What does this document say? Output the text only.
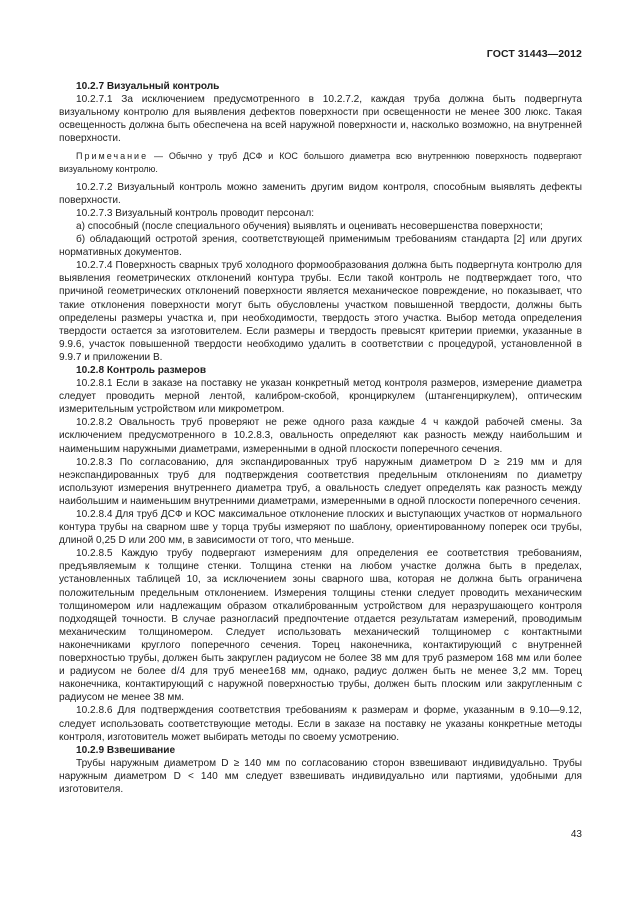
ГОСТ 31443—2012

10.2.7 Визуальный контроль

10.2.7.1 За исключением предусмотренного в 10.2.7.2, каждая труба должна быть подвергнута визуальному контролю для выявления дефектов поверхности при освещенности не менее 300 люкс. Такая освещенность должна быть обеспечена на всей наружной поверхности и, насколько возможно, на внутренней поверхности.

Примечание — Обычно у труб ДСФ и КОС большого диаметра всю внутреннюю поверхность подвергают визуальному контролю.

10.2.7.2 Визуальный контроль можно заменить другим видом контроля, способным выявлять дефекты поверхности.

10.2.7.3 Визуальный контроль проводит персонал:

а) способный (после специального обучения) выявлять и оценивать несовершенства поверхности;

б) обладающий остротой зрения, соответствующей применимым требованиям стандарта [2] или других нормативных документов.

10.2.7.4 Поверхность сварных труб холодного формообразования должна быть подвергнута контролю для выявления геометрических отклонений контура трубы. Если такой контроль не подтверждает того, что причиной геометрических отклонений поверхности является механическое повреждение, но показывает, что такие отклонения поверхности могут быть обусловлены участком повышенной твердости, должны быть определены размеры участка и, при необходимости, твердость этого участка. Выбор метода определения твердости остается за изготовителем. Если размеры и твердость превысят критерии приемки, указанные в 9.9.6, участок повышенной твердости необходимо удалить в соответствии с процедурой, установленной в 9.9.7 и приложении В.

10.2.8 Контроль размеров

10.2.8.1 Если в заказе на поставку не указан конкретный метод контроля размеров, измерение диаметра следует проводить мерной лентой, калибром-скобой, кронциркулем (штангенциркулем), оптическим измерительным устройством или микрометром.

10.2.8.2 Овальность труб проверяют не реже одного раза каждые 4 ч каждой рабочей смены. За исключением предусмотренного в 10.2.8.3, овальность определяют как разность между наибольшим и наименьшим наружными диаметрами, измеренными в одной плоскости поперечного сечения.

10.2.8.3 По согласованию, для экспандированных труб наружным диаметром D ≥ 219 мм и для неэкспандированных труб для подтверждения соответствия предельным отклонениям по диаметру используют измерения внутреннего диаметра труб, а овальность следует определять как разность между наибольшим и наименьшим внутренними диаметрами, измеренными в одной плоскости поперечного сечения.

10.2.8.4 Для труб ДСФ и КОС максимальное отклонение плоских и выступающих участков от нормального контура трубы на сварном шве у торца трубы измеряют по шаблону, ориентированному поперек оси трубы, длиной 0,25 D или 200 мм, в зависимости от того, что меньше.

10.2.8.5 Каждую трубу подвергают измерениям для определения ее соответствия требованиям, предъявляемым к толщине стенки. Толщина стенки на любом участке должна быть в пределах, установленных таблицей 10, за исключением зоны сварного шва, которая не должна быть ограничена положительным предельным отклонением. Измерения толщины стенки следует проводить механическим толщиномером или надлежащим образом откалиброванным устройством для неразрушающего контроля подходящей точности. В случае разногласий предпочтение отдается результатам измерений, проводимым механическим толщиномером. Следует использовать механический толщиномер с контактными наконечниками круглого поперечного сечения. Торец наконечника, контактирующий с внутренней поверхностью трубы, должен быть закруглен радиусом не более 38 мм для труб размером 168 мм или более и радиусом не более d/4 для труб менее168 мм, однако, радиус должен быть не менее 3,2 мм. Торец наконечника, контактирующий с наружной поверхностью трубы, должен быть плоским или закругленным с радиусом не менее 38 мм.

10.2.8.6 Для подтверждения соответствия требованиям к размерам и форме, указанным в 9.10—9.12, следует использовать соответствующие методы. Если в заказе на поставку не указаны конкретные методы контроля, изготовитель может выбирать методы по своему усмотрению.

10.2.9 Взвешивание

Трубы наружным диаметром D ≥ 140 мм по согласованию сторон взвешивают индивидуально. Трубы наружным диаметром D < 140 мм следует взвешивать индивидуально или партиями, удобными для изготовителя.

43
